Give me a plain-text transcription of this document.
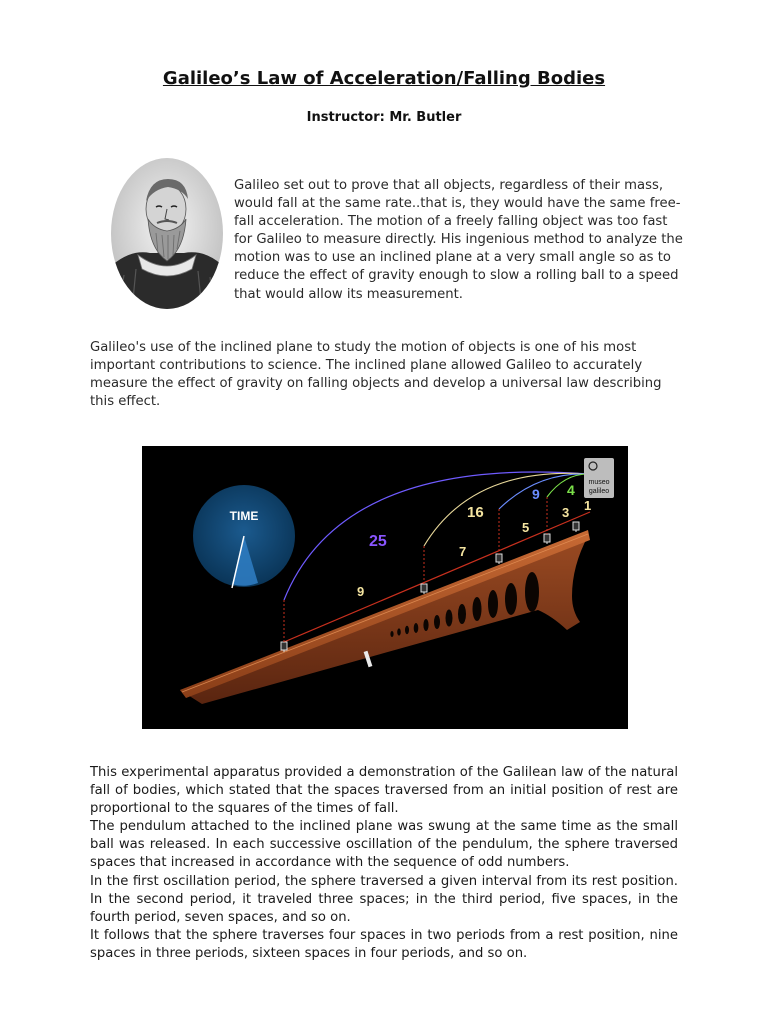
Galileo’s Law of Acceleration/Falling Bodies
Instructor: Mr. Butler
Galileo set out to prove that all objects, regardless of their mass, would fall at the same rate..that is, they would have the same free-fall acceleration. The motion of a freely falling object was too fast for Galileo to measure directly. His ingenious method to analyze the motion was to use an inclined plane at a very small angle so as to reduce the effect of gravity enough to slow a rolling ball to a speed that would allow its measurement.
Galileo's use of the inclined plane to study the motion of objects is one of his most important contributions to science. The inclined plane allowed Galileo to accurately measure the effect of gravity on falling objects and develop a universal law describing this effect.
TIME
1
3
5
7
9
4
9
16
25
museo
galileo

This experimental apparatus provided a demonstration of the Galilean law of the natural fall of bodies, which stated that the spaces traversed from an initial position of rest are proportional to the squares of the times of fall.

The pendulum attached to the inclined plane was swung at the same time as the small ball was released. In each successive oscillation of the pendulum, the sphere traversed spaces that increased in accordance with the sequence of odd numbers.

In the first oscillation period, the sphere traversed a given interval from its rest position. In the second period, it traveled three spaces; in the third period, five spaces, in the fourth period, seven spaces, and so on.

It follows that the sphere traverses four spaces in two periods from a rest position, nine spaces in three periods, sixteen spaces in four periods, and so on.
